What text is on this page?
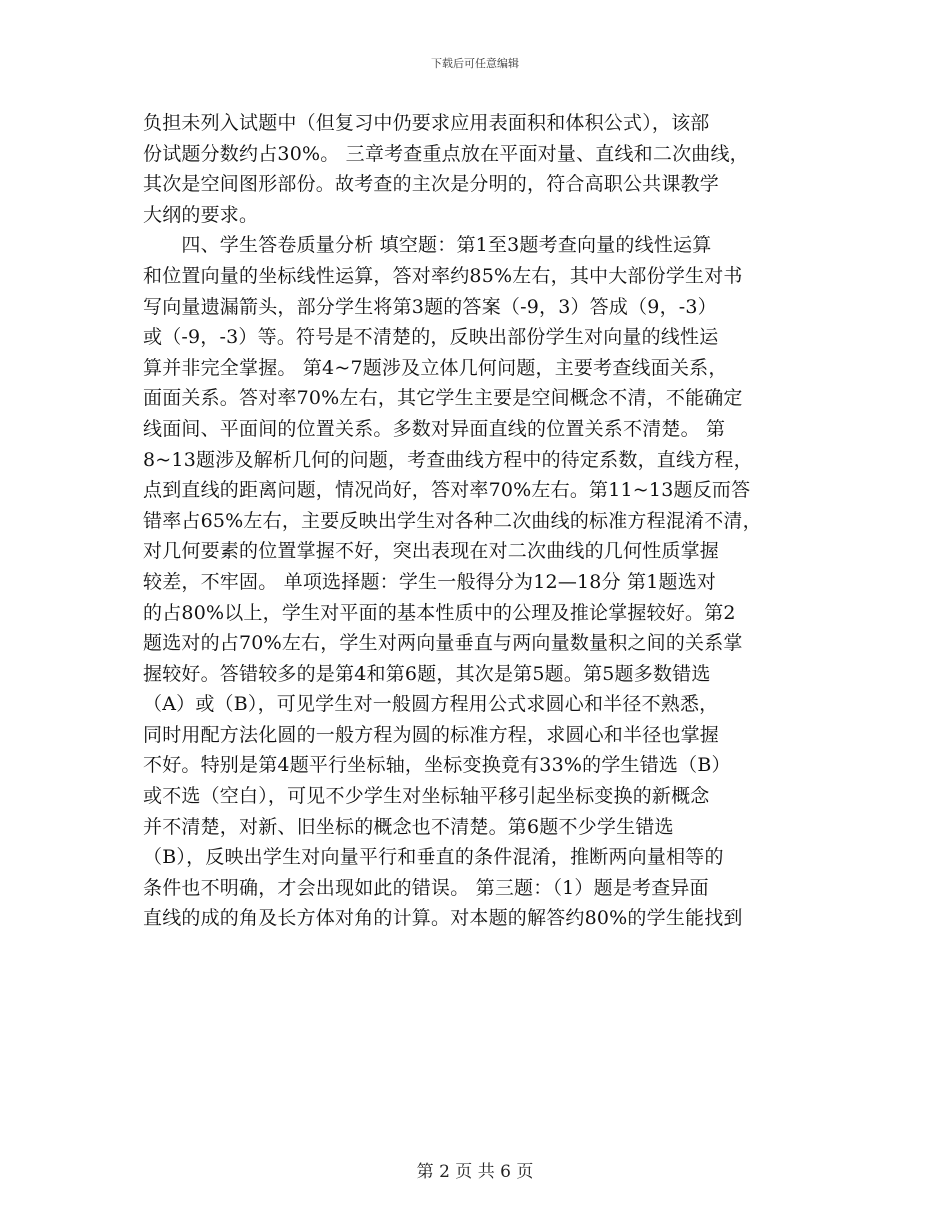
下载后可任意编辑
负担未列入试题中（但复习中仍要求应用表面积和体积公式），该部
份试题分数约占30%。 三章考查重点放在平面对量、直线和二次曲线，
其次是空间图形部份。故考查的主次是分明的，符合高职公共课教学
大纲的要求。
　　四、学生答卷质量分析 填空题：第1至3题考查向量的线性运算
和位置向量的坐标线性运算，答对率约85%左右，其中大部份学生对书
写向量遗漏箭头，部分学生将第3题的答案（-9，3）答成（9，-3）
或（-9，-3）等。符号是不清楚的，反映出部份学生对向量的线性运
算并非完全掌握。 第4~7题涉及立体几何问题，主要考查线面关系，
面面关系。答对率70%左右，其它学生主要是空间概念不清，不能确定
线面间、平面间的位置关系。多数对异面直线的位置关系不清楚。 第
8~13题涉及解析几何的问题，考查曲线方程中的待定系数，直线方程，
点到直线的距离问题，情况尚好，答对率70%左右。第11~13题反而答
错率占65%左右，主要反映出学生对各种二次曲线的标准方程混淆不清，
对几何要素的位置掌握不好，突出表现在对二次曲线的几何性质掌握
较差，不牢固。 单项选择题：学生一般得分为12—18分 第1题选对
的占80%以上，学生对平面的基本性质中的公理及推论掌握较好。第2
题选对的占70%左右，学生对两向量垂直与两向量数量积之间的关系掌
握较好。答错较多的是第4和第6题，其次是第5题。第5题多数错选
（A）或（B），可见学生对一般圆方程用公式求圆心和半径不熟悉，
同时用配方法化圆的一般方程为圆的标准方程，求圆心和半径也掌握
不好。特别是第4题平行坐标轴，坐标变换竟有33%的学生错选（B）
或不选（空白），可见不少学生对坐标轴平移引起坐标变换的新概念
并不清楚，对新、旧坐标的概念也不清楚。第6题不少学生错选
（B），反映出学生对向量平行和垂直的条件混淆，推断两向量相等的
条件也不明确，才会出现如此的错误。 第三题：（1）题是考查异面
直线的成的角及长方体对角的计算。对本题的解答约80%的学生能找到
第 2 页 共 6 页
